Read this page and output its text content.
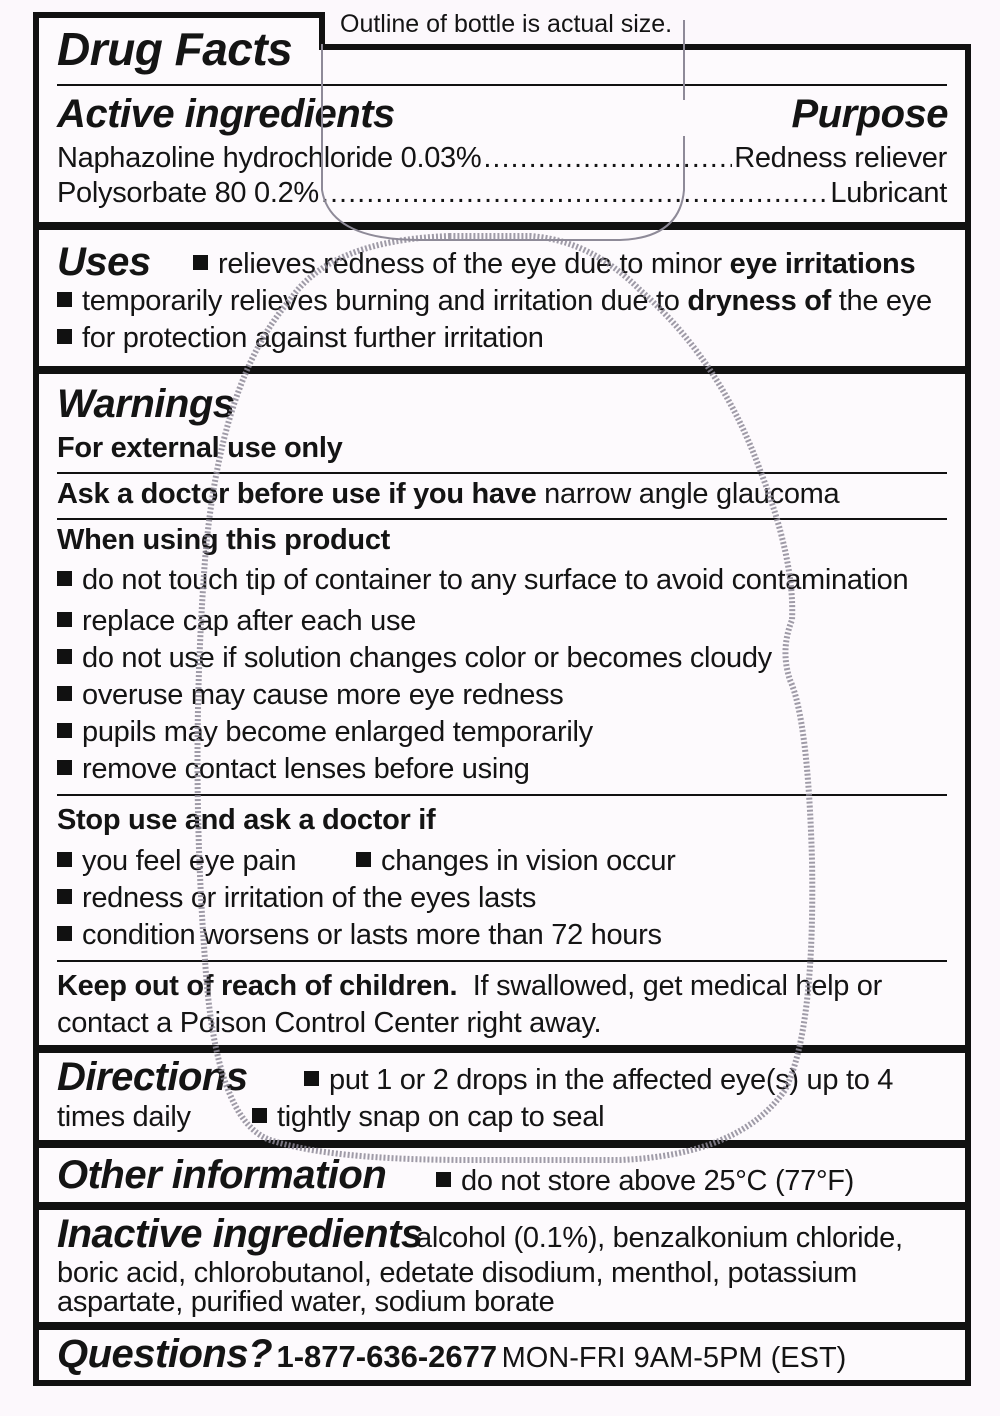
Outline of bottle is actual size.
Drug Facts
Active ingredients	Purpose
Naphazoline hydrochloride 0.03% .....	Redness reliever
Polysorbate 80 0.2% .....	Lubricant
Uses	relieves redness of the eye due to minor eye irritations
temporarily relieves burning and irritation due to dryness of the eye
for protection against further irritation
Warnings
For external use only
Ask a doctor before use if you have narrow angle glaucoma
When using this product
do not touch tip of container to any surface to avoid contamination
replace cap after each use
do not use if solution changes color or becomes cloudy
overuse may cause more eye redness
pupils may become enlarged temporarily
remove contact lenses before using
Stop use and ask a doctor if
you feel eye pain	changes in vision occur
redness or irritation of the eyes lasts
condition worsens or lasts more than 72 hours
Keep out of reach of children. If swallowed, get medical help or
contact a Poison Control Center right away.
Directions	put 1 or 2 drops in the affected eye(s) up to 4
times daily	tightly snap on cap to seal
Other information	do not store above 25°C (77°F)
Inactive ingredients
alcohol (0.1%), benzalkonium chloride,
boric acid, chlorobutanol, edetate disodium, menthol, potassium
aspartate, purified water, sodium borate
Questions? 1-877-636-2677 MON-FRI 9AM-5PM (EST)
